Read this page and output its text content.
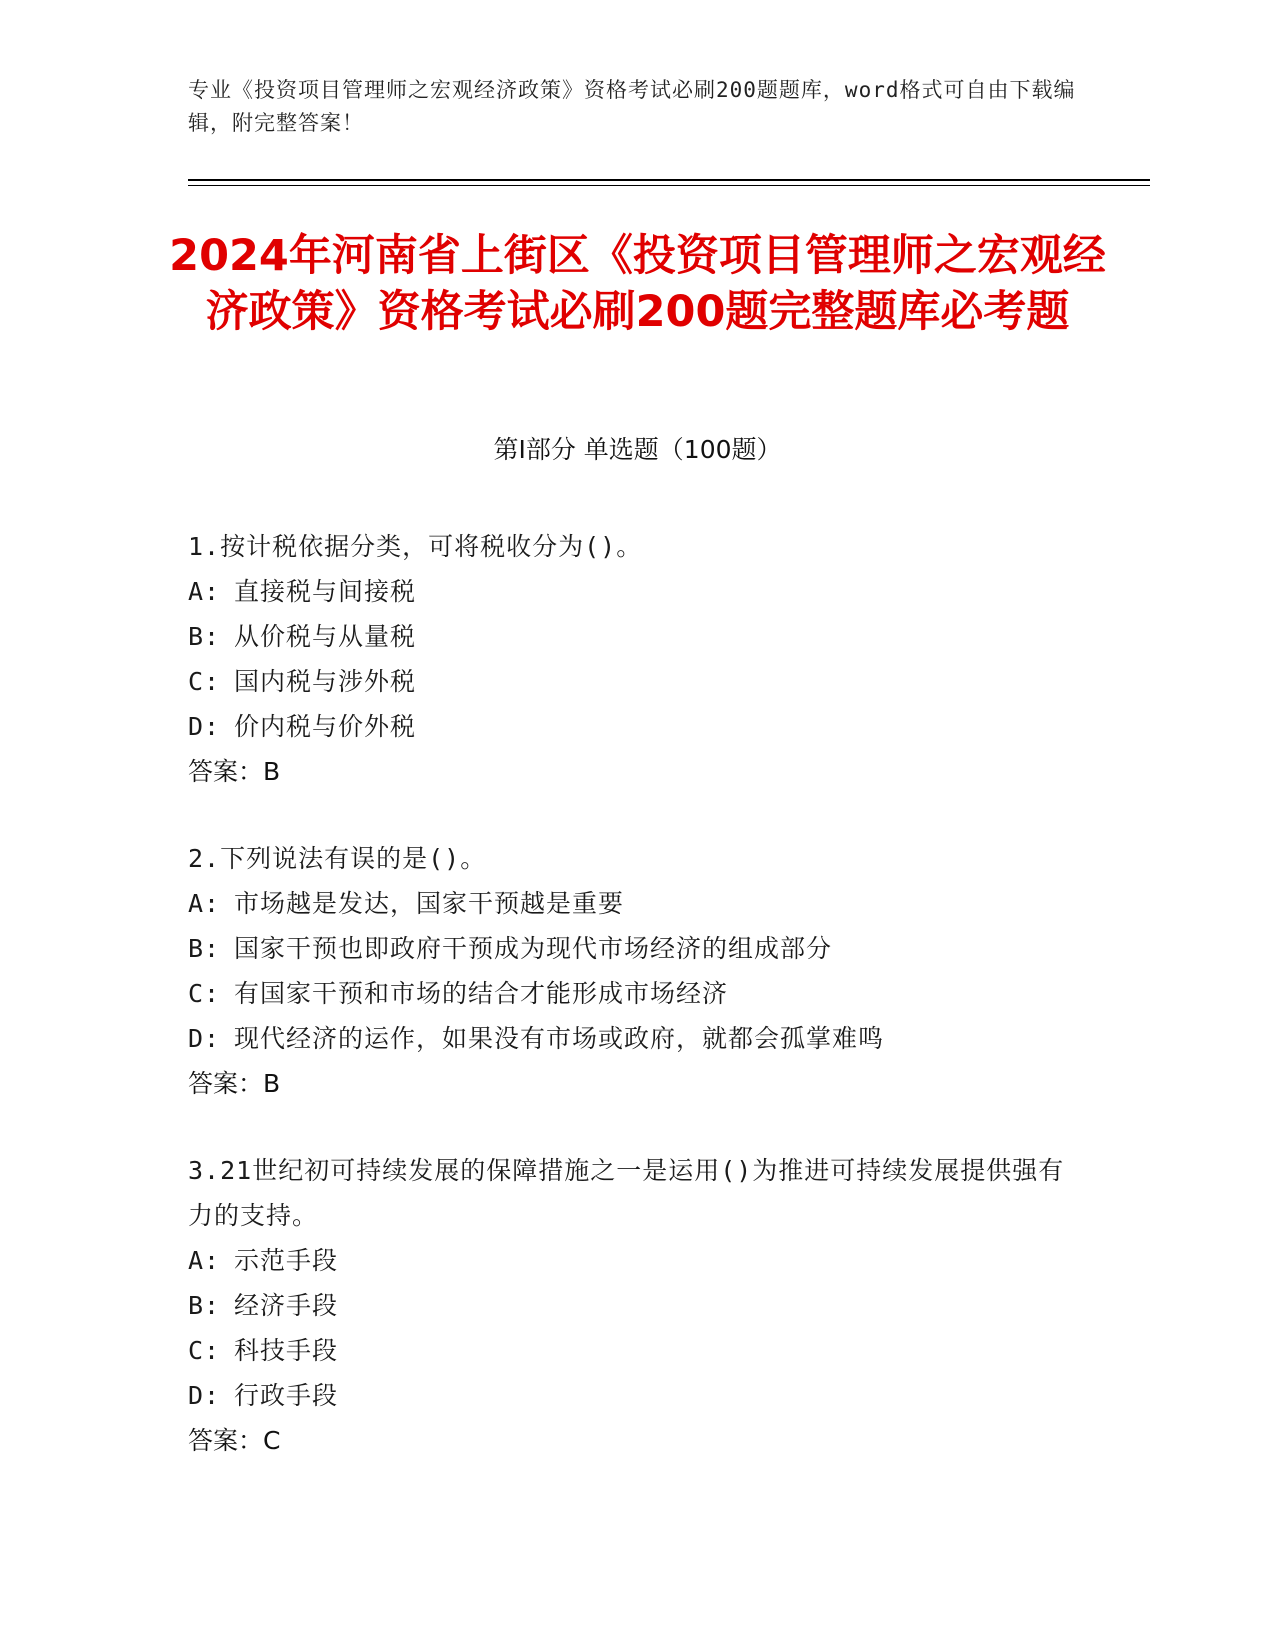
专业《投资项目管理师之宏观经济政策》资格考试必刷200题题库，word格式可自由下载编辑，附完整答案！
2024年河南省上街区《投资项目管理师之宏观经济政策》资格考试必刷200题完整题库必考题
第I部分 单选题（100题）
1.按计税依据分类，可将税收分为()。
A: 直接税与间接税
B: 从价税与从量税
C: 国内税与涉外税
D: 价内税与价外税
答案：B
2.下列说法有误的是()。
A: 市场越是发达，国家干预越是重要
B: 国家干预也即政府干预成为现代市场经济的组成部分
C: 有国家干预和市场的结合才能形成市场经济
D: 现代经济的运作，如果没有市场或政府，就都会孤掌难鸣
答案：B
3.21世纪初可持续发展的保障措施之一是运用()为推进可持续发展提供强有力的支持。
A: 示范手段
B: 经济手段
C: 科技手段
D: 行政手段
答案：C
